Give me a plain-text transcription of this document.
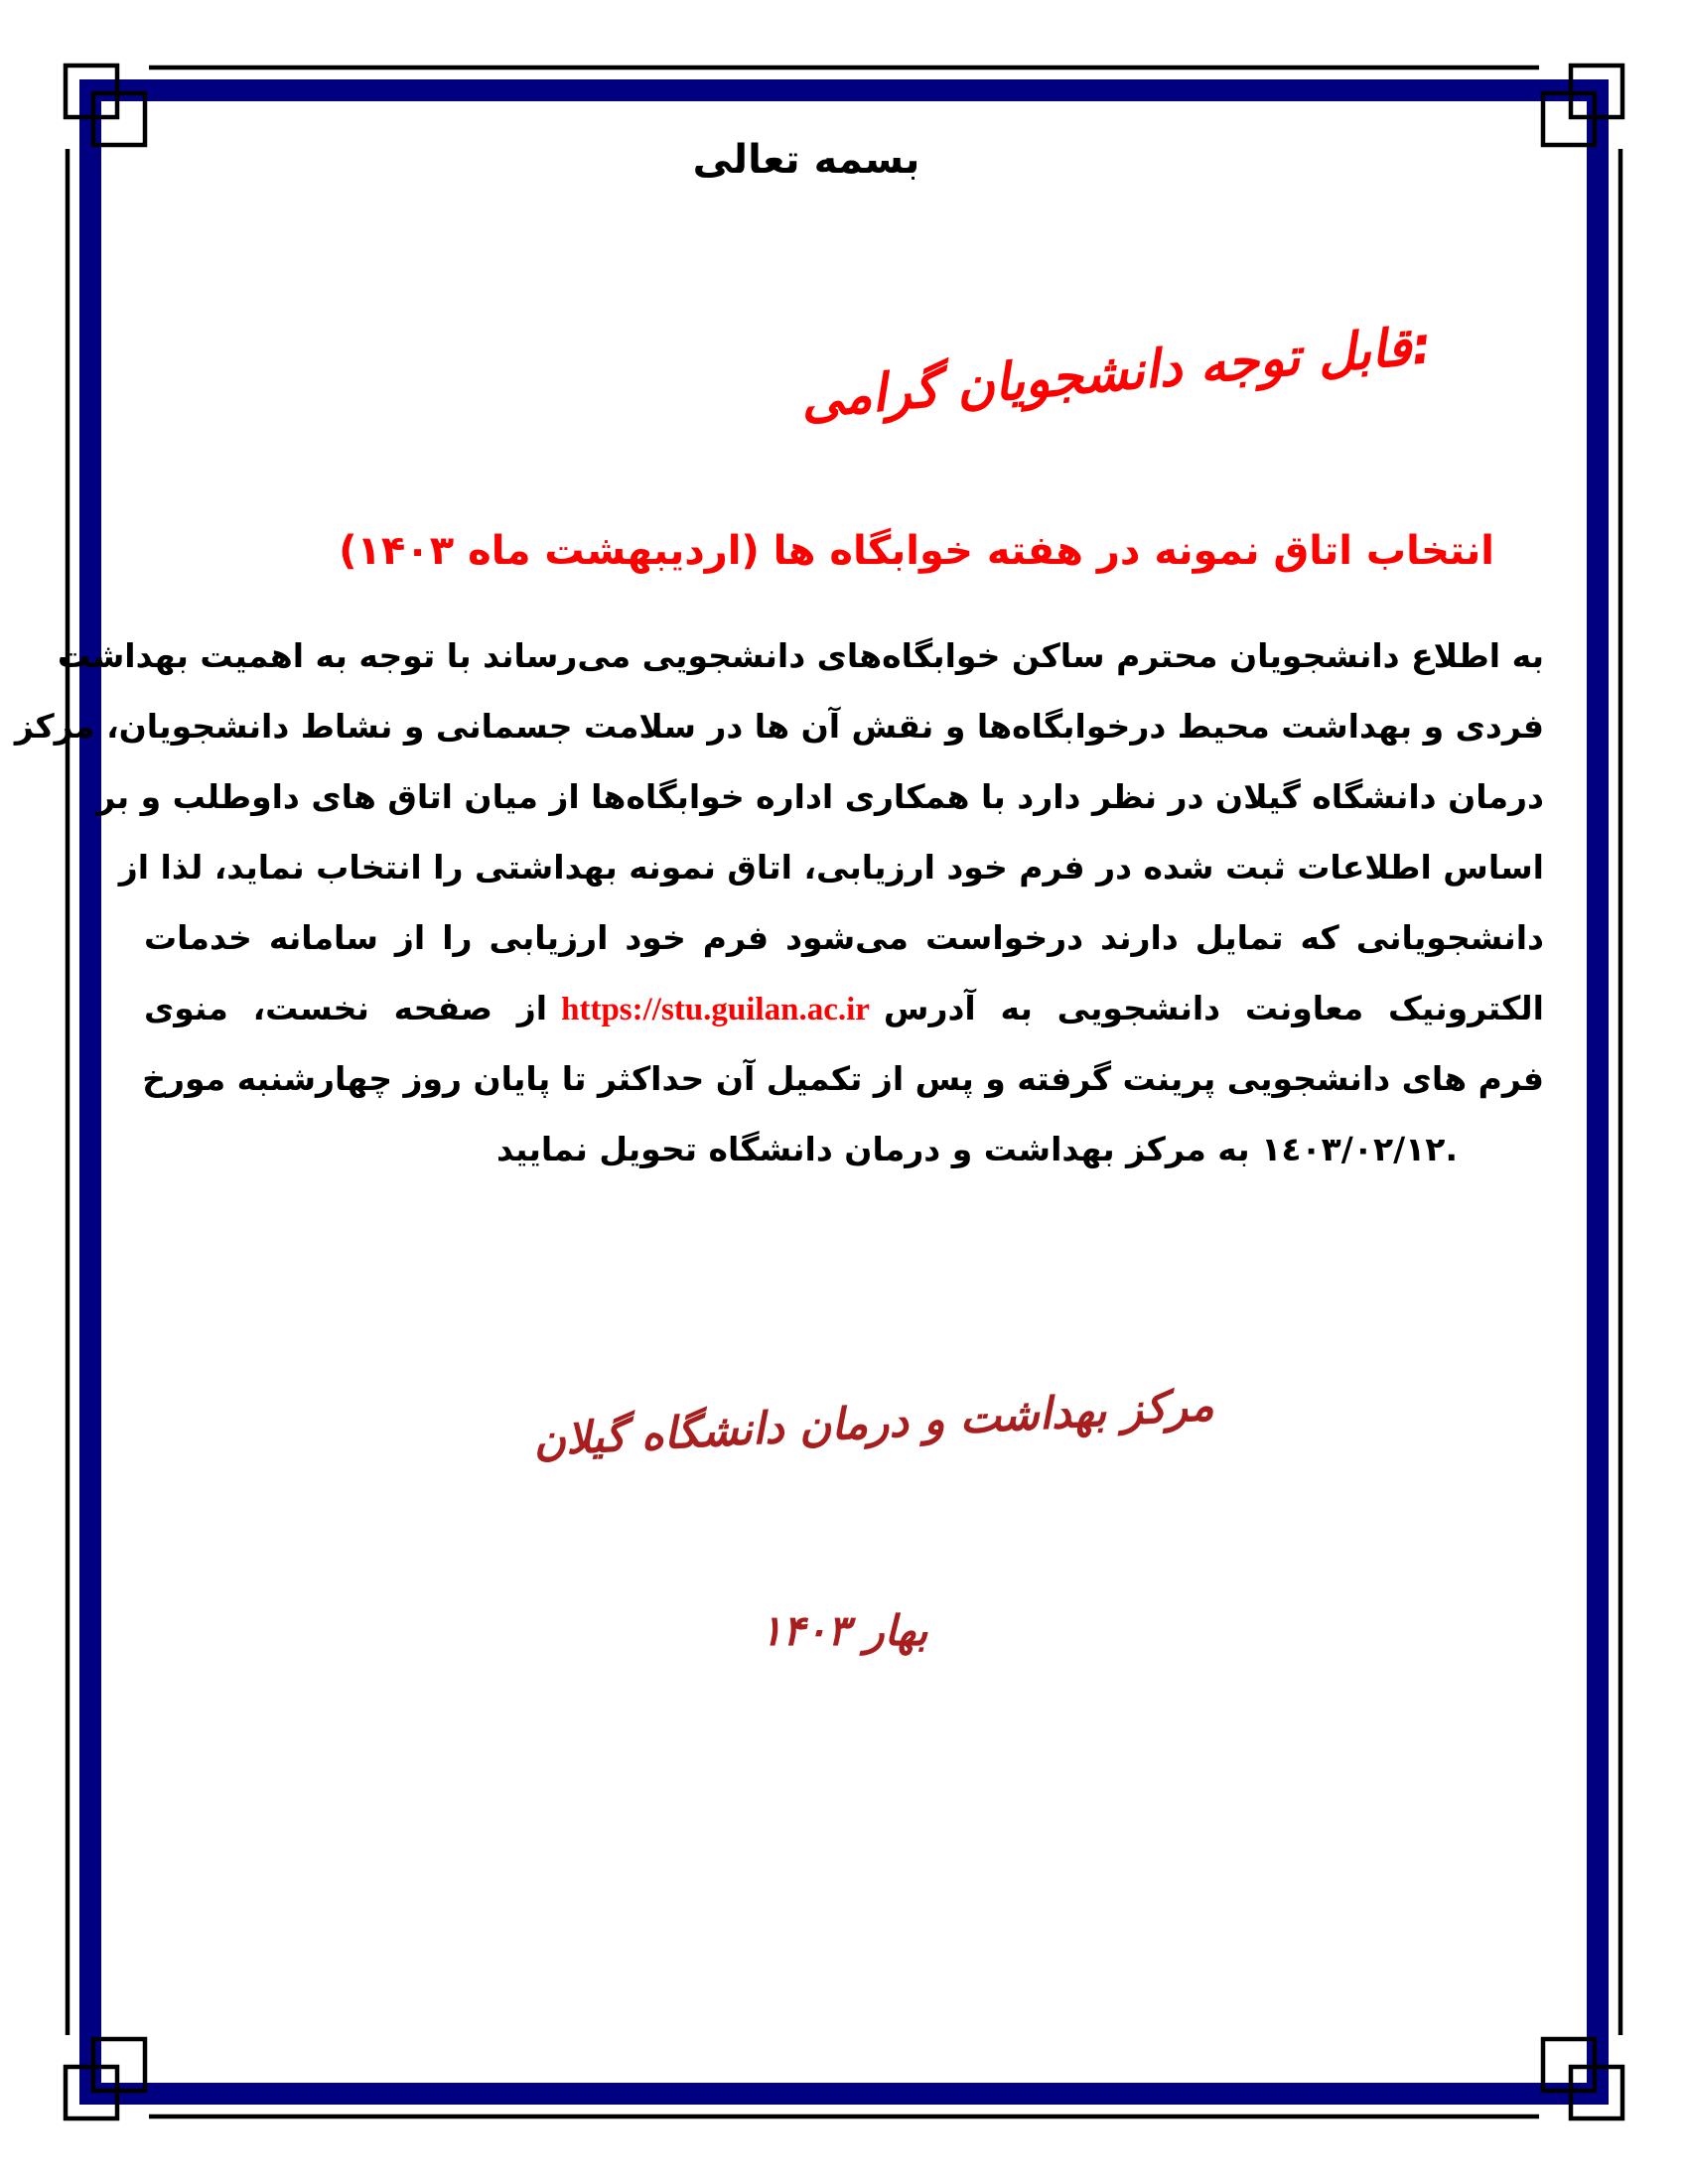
بسمه تعالی
قابل توجه دانشجویان گرامی:
انتخاب اتاق نمونه در هفته خوابگاه ها (اردیبهشت ماه ۱۴۰۳)
به اطلاع دانشجویان محترم ساکن خوابگاه‌های دانشجویی می‌رساند با توجه به اهمیت بهداشت
فردی و بهداشت محیط درخوابگاه‌ها و نقش آن ها در سلامت جسمانی و نشاط دانشجویان، مرکز
درمان دانشگاه گیلان در نظر دارد با همکاری اداره خوابگاه‌ها از میان اتاق های داوطلب و بر
اساس اطلاعات ثبت شده در فرم خود ارزیابی، اتاق نمونه بهداشتی را انتخاب نماید، لذا از
دانشجویانی که تمایل دارند درخواست می‌شود فرم خود ارزیابی را از سامانه خدمات
الکترونیک معاونت دانشجویی به آدرسhttps://stu.guilan.ac.irاز صفحه نخست، منوی
فرم های دانشجویی پرینت گرفته و پس از تکمیل آن حداکثر تا پایان روز چهارشنبه مورخ
١٤٠٣/٠٢/١٢ به مرکز بهداشت و درمان دانشگاه تحویل نمایید.
مرکز بهداشت و درمان دانشگاه گیلان
بهار ۱۴۰۳
